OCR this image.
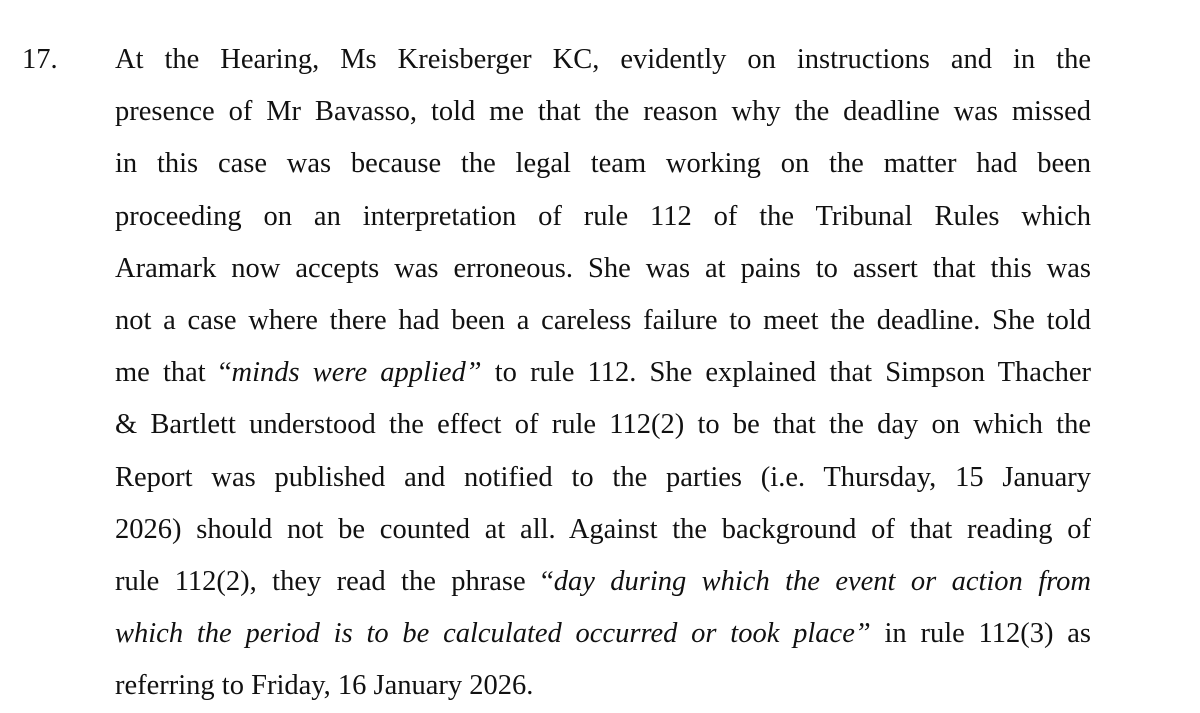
17. At the Hearing, Ms Kreisberger KC, evidently on instructions and in the
presence of Mr Bavasso, told me that the reason why the deadline was missed
in this case was because the legal team working on the matter had been
proceeding on an interpretation of rule 112 of the Tribunal Rules which
Aramark now accepts was erroneous. She was at pains to assert that this was
not a case where there had been a careless failure to meet the deadline. She told
me that “minds were applied” to rule 112. She explained that Simpson Thacher
& Bartlett understood the effect of rule 112(2) to be that the day on which the
Report was published and notified to the parties (i.e. Thursday, 15 January
2026) should not be counted at all. Against the background of that reading of
rule 112(2), they read the phrase “day during which the event or action from
which the period is to be calculated occurred or took place” in rule 112(3) as
referring to Friday, 16 January 2026.
